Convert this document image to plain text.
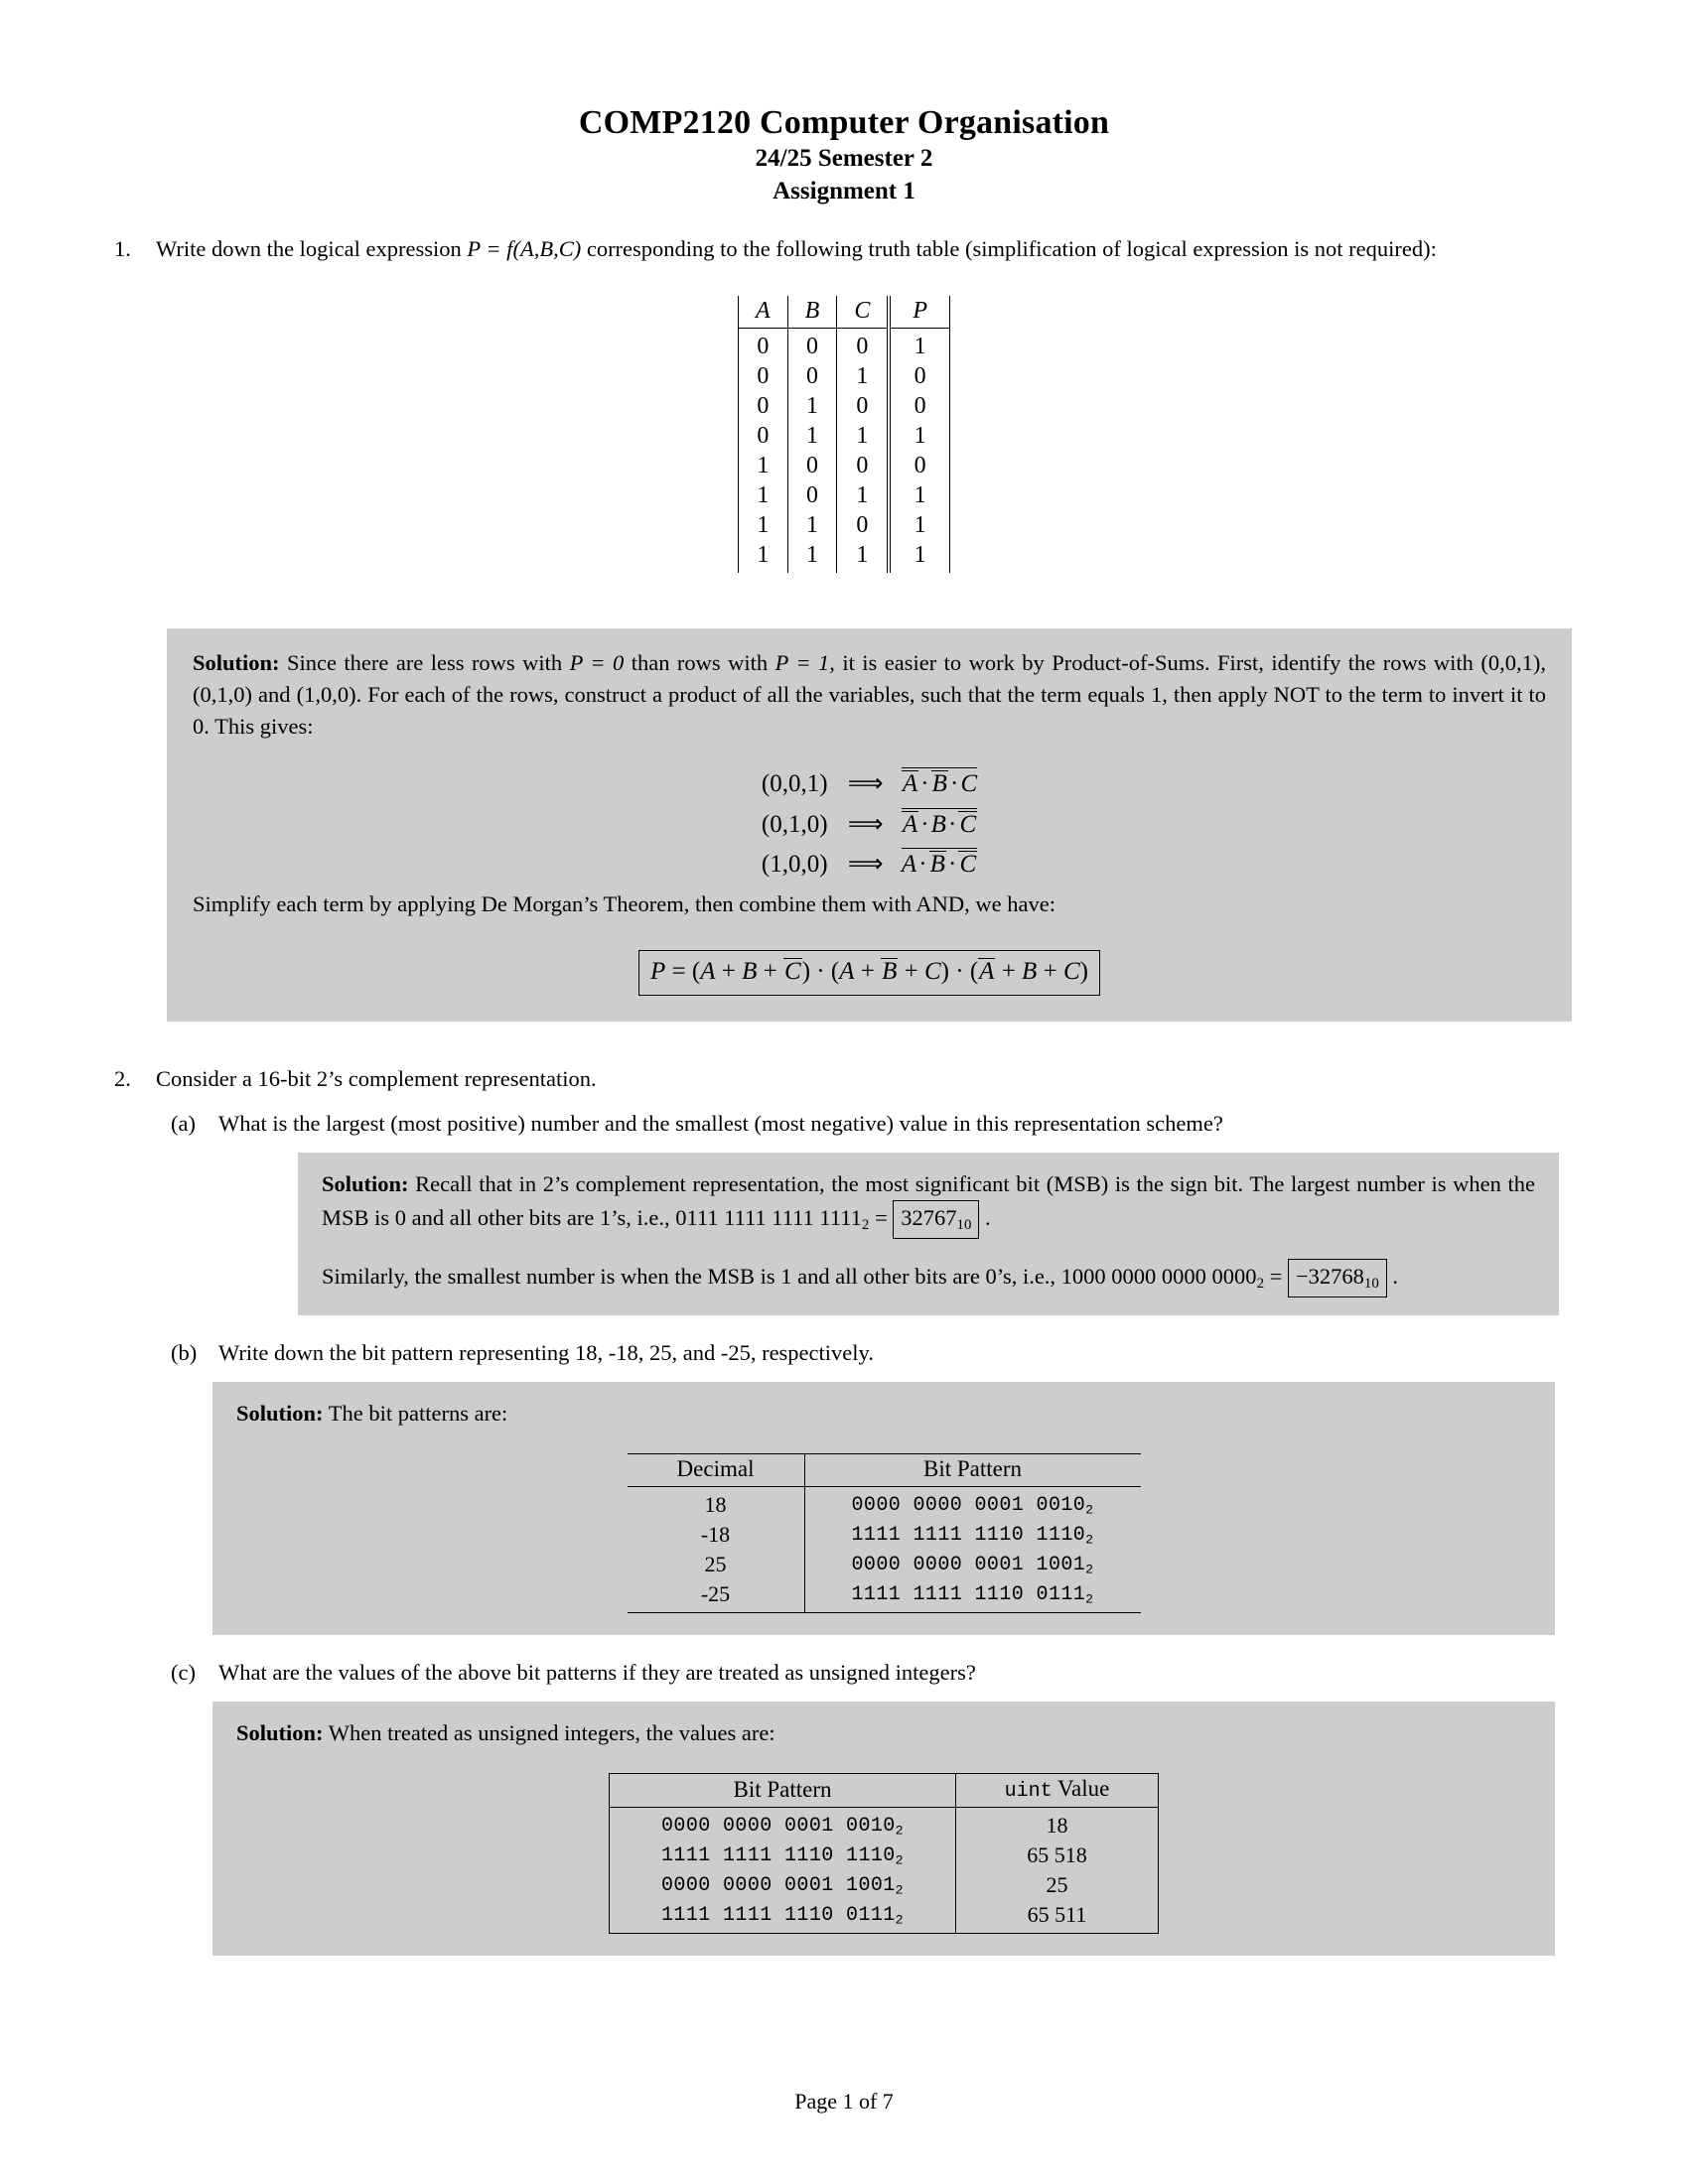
COMP2120 Computer Organisation
24/25 Semester 2
Assignment 1
1.	Write down the logical expression P = f(A,B,C) corresponding to the following truth table (simplification of logical expression is not required):
A	B	C	P
0	0	0	1
0	0	1	0
0	1	0	0
0	1	1	1
1	0	0	0
1	0	1	1
1	1	0	1
1	1	1	1

Solution: Since there are less rows with P = 0 than rows with P = 1, it is easier to work by Product-of-Sums. First, identify the rows with (0,0,1), (0,1,0) and (1,0,0). For each of the rows, construct a product of all the variables, such that the term equals 1, then apply NOT to the term to invert it to 0. This gives:

(0,0,1) ⟹ A · B · C
(0,1,0) ⟹ A · B · C
(1,0,0) ⟹ A · B · C

Simplify each term by applying De Morgan’s Theorem, then combine them with AND, we have:

P = (A + B + C) · (A + B + C) · (A + B + C)
2.	Consider a 16-bit 2’s complement representation.
(a)	What is the largest (most positive) number and the smallest (most negative) value in this representation scheme?

Solution: Recall that in 2’s complement representation, the most significant bit (MSB) is the sign bit. The largest number is when the MSB is 0 and all other bits are 1’s, i.e., 0111 1111 1111 $1111_2 = 32767_{10}$ .

Similarly, the smallest number is when the MSB is 1 and all other bits are 0’s, i.e., 1000 0000 0000 $0000_2 = -32768_{10}$ .

(b) Write down the bit pattern representing 18, -18, 25, and -25, respectively.

Solution: The bit patterns are:

Decimal	Bit Pattern
18	0000 0000 0001 $0010_2$
-18	1111 1111 1110 $1110_2$
25	0000 0000 0001 $1001_2$
-25	1111 1111 1110 $0111_2$
(c)	What are the values of the above bit patterns if they are treated as unsigned integers?

Solution: When treated as unsigned integers, the values are:

Bit Pattern	uint Value
0000 0000 0001 $0010_2$	18
1111 1111 1110 $1110_2$	65 518
0000 0000 0001 $1001_2$	25
1111 1111 1110 $0111_2$	65 511
Page 1 of 7
